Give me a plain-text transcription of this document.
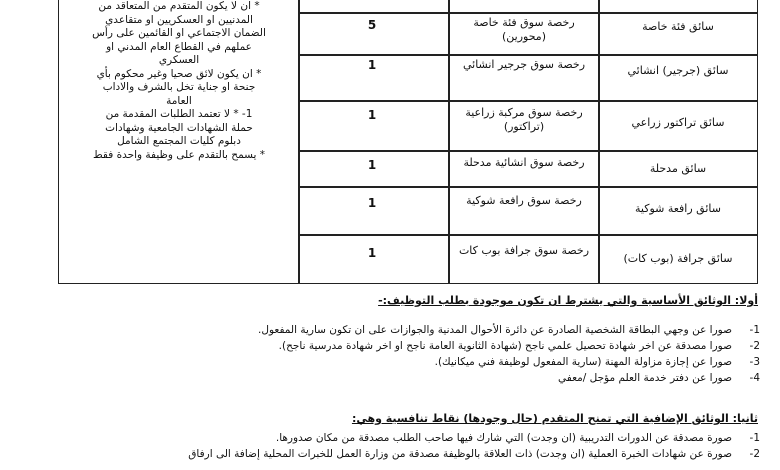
سائق فئة خاصة
رخصة سوق فئة خاصة (محورين)
5
سائق (جرجير) انشائي
رخصة سوق جرجير انشائي
1
سائق تراكتور زراعي
رخصة سوق مركبة زراعية (تراكتور)
1
سائق مدحلة
رخصة سوق انشائية مدحلة
1
سائق رافعة شوكية
رخصة سوق رافعة شوكية
1
سائق جرافة (بوب كات)
رخصة سوق جرافة بوب كات
1
* ان لا يكون المتقدم من المتعاقد من
المدنيين او العسكريين او متقاعدي
الضمان الاجتماعي او القائمين على رأس
عملهم في القطاع العام المدني او
العسكري
* ان يكون لائق صحيا وغير محكوم بأي
جنحة او جناية تخل بالشرف والاداب
العامة
1- * لا تعتمد الطلبات المقدمة من
حملة الشهادات الجامعية وشهادات
دبلوم كليات المجتمع الشامل
* يسمح بالتقدم على وظيفة واحدة فقط
أولا: الوثائق الأساسية والتي يشترط ان تكون موجودة بطلب التوظيف:-
1-
صورا عن وجهي البطاقة الشخصية الصادرة عن دائرة الأحوال المدنية والجوازات على ان تكون سارية المفعول.
2-
صورا مصدقة عن اخر شهادة تحصيل علمي ناجح (شهادة الثانوية العامة ناجح او اخر شهادة مدرسية ناجح).
3-
صورا عن إجازة مزاولة المهنة (سارية المفعول لوظيفة فني ميكانيك).
4-
صورا عن دفتر خدمة العلم مؤجل /معفي
ثانيا: الوثائق الإضافية التي تمنح المتقدم (حال وجودها) نقاط تنافسية وهي:
1-
صورة مصدقة عن الدورات التدريبية (ان وجدت) التي شارك فيها صاحب الطلب مصدقة من مكان صدورها.
2-
صورة عن شهادات الخبرة العملية (ان وجدت) ذات العلاقة بالوظيفة مصدقة من وزارة العمل للخبرات المحلية إضافة الى ارفاق
